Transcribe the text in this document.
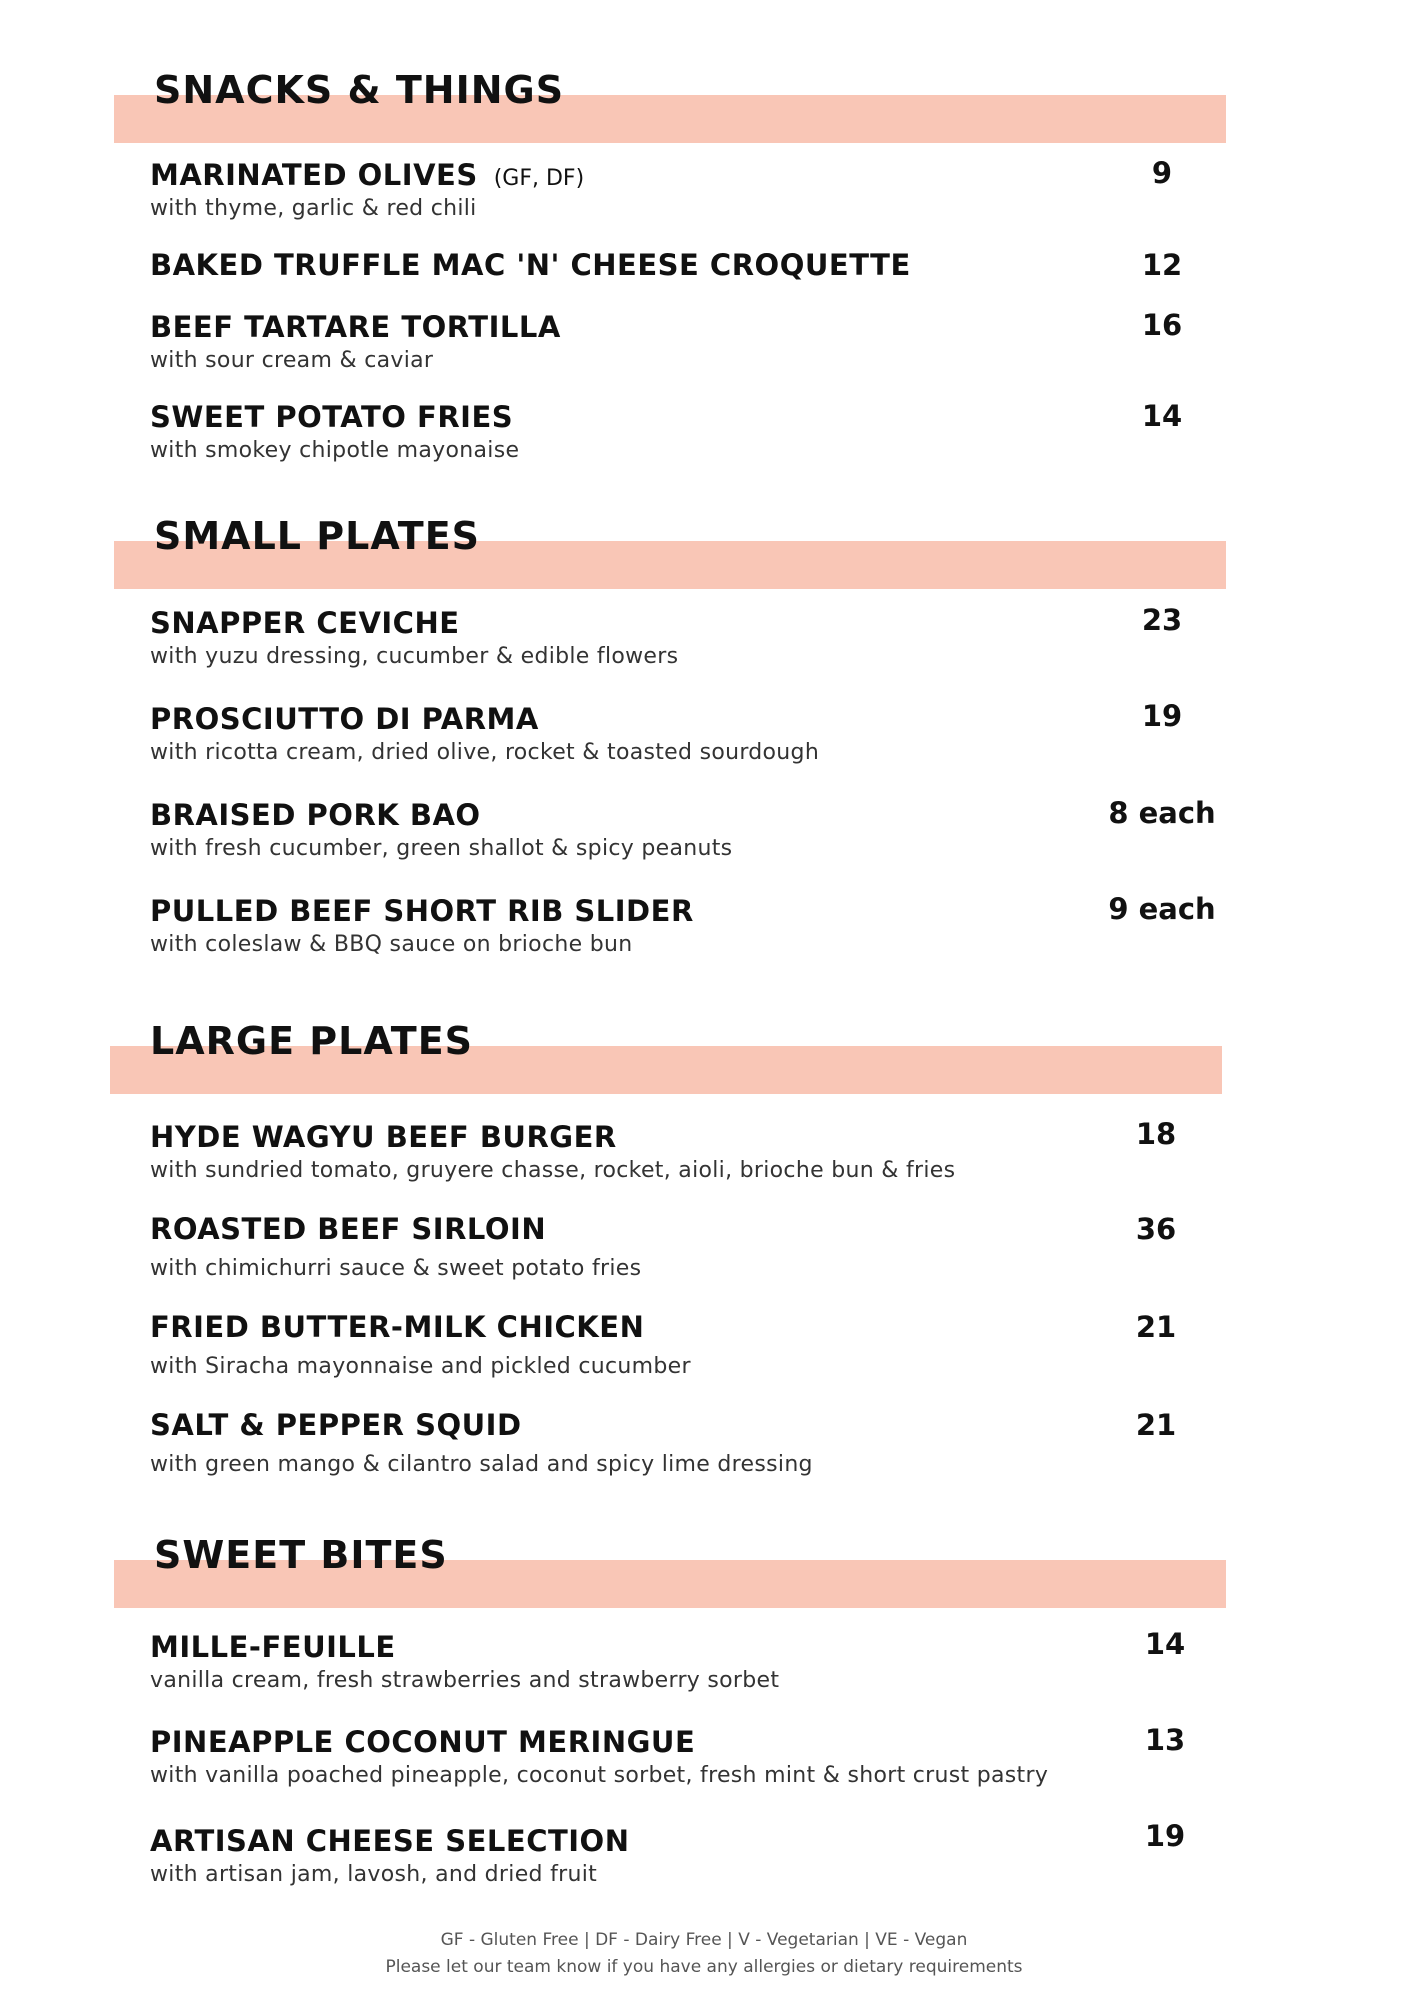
SNACKS & THINGS
MARINATED OLIVES (GF, DF)
with thyme, garlic & red chili
9
BAKED TRUFFLE MAC 'N' CHEESE CROQUETTE	12
BEEF TARTARE TORTILLA
with sour cream & caviar
16
SWEET POTATO FRIES
with smokey chipotle mayonaise
14
SMALL PLATES
SNAPPER CEVICHE
with yuzu dressing, cucumber & edible flowers
23
PROSCIUTTO DI PARMA
with ricotta cream, dried olive, rocket & toasted sourdough
19
BRAISED PORK BAO
with fresh cucumber, green shallot & spicy peanuts
8 each
PULLED BEEF SHORT RIB SLIDER
with coleslaw & BBQ sauce on brioche bun
9 each
LARGE PLATES
HYDE WAGYU BEEF BURGER
with sundried tomato, gruyere chasse, rocket, aioli, brioche bun & fries
18
ROASTED BEEF SIRLOIN
with chimichurri sauce & sweet potato fries
36
FRIED BUTTER-MILK CHICKEN
with Siracha mayonnaise and pickled cucumber
21
SALT & PEPPER SQUID
with green mango & cilantro salad and spicy lime dressing
21
SWEET BITES
MILLE-FEUILLE
vanilla cream, fresh strawberries and strawberry sorbet
14
PINEAPPLE COCONUT MERINGUE
with vanilla poached pineapple, coconut sorbet, fresh mint & short crust pastry
13
ARTISAN CHEESE SELECTION
with artisan jam, lavosh, and dried fruit
19
GF - Gluten Free | DF - Dairy Free | V - Vegetarian | VE - Vegan
Please let our team know if you have any allergies or dietary requirements
